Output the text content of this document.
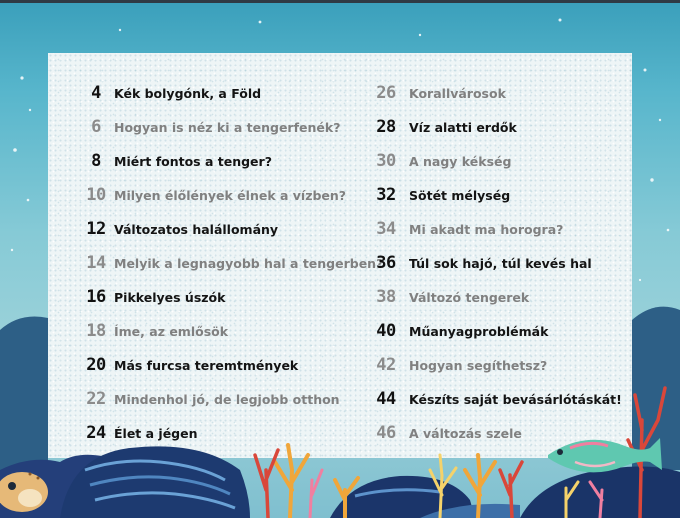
4	Kék bolygónk, a Föld
6	Hogyan is néz ki a tengerfenék?
8	Miért fontos a tenger?
10 Milyen élőlények élnek a vízben?
12 Változatos halállomány
14 Melyik a legnagyobb hal a tengerben?
16 Pikkelyes úszók
18 Íme, az emlősök
20 Más furcsa teremtmények
22 Mindenhol jó, de legjobb otthon
24 Élet a jégen
26 Korallvárosok
28 Víz alatti erdők
30 A nagy kékség
32 Sötét mélység
34 Mi akadt ma horogra?
36 Túl sok hajó, túl kevés hal
38 Változó tengerek
40 Műanyagproblémák
42 Hogyan segíthetsz?
44 Készíts saját bevásárlótáskát!
46 A változás szele
